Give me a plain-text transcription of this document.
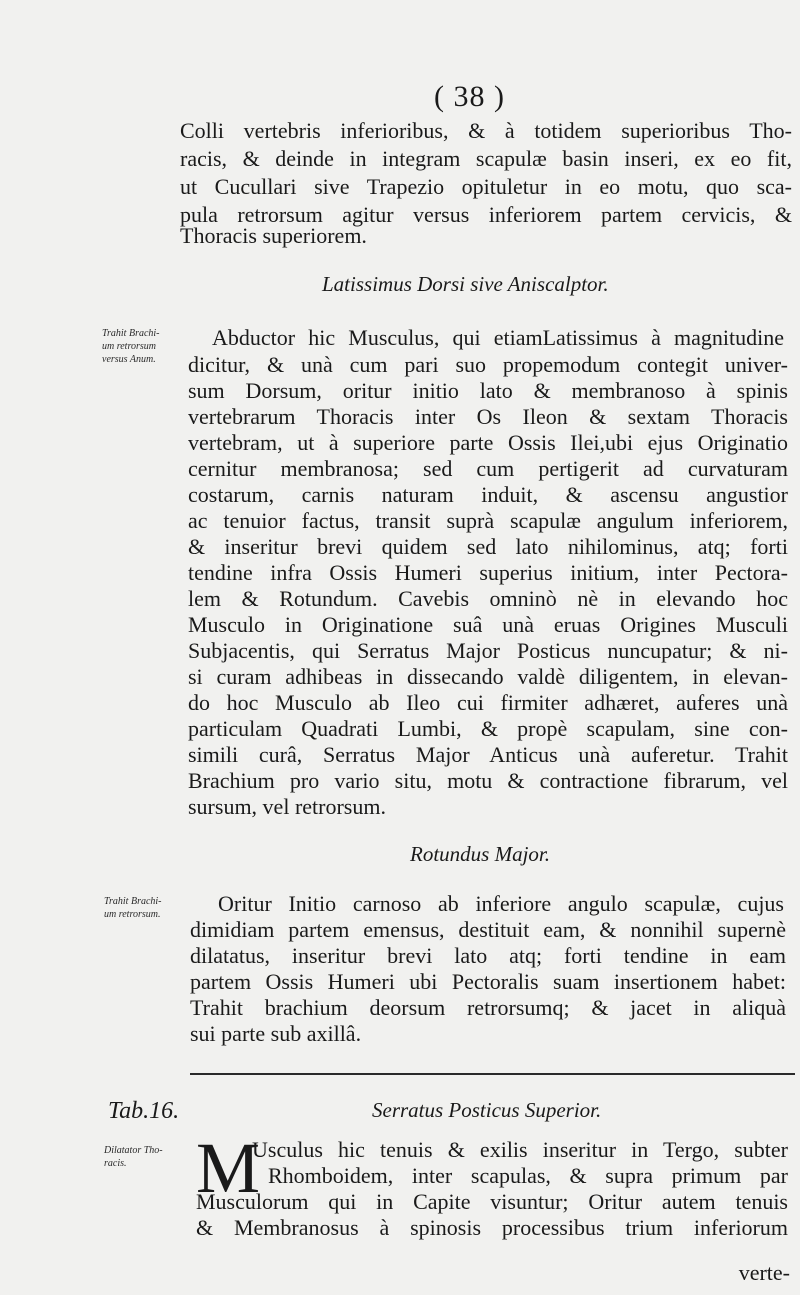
( 38 )
Colli vertebris inferioribus, & à totidem superioribus Tho-
racis, & deinde in integram scapulæ basin inseri, ex eo fit,
ut Cucullari sive Trapezio opituletur in eo motu, quo sca-
pula retrorsum agitur versus inferiorem partem cervicis, &
Thoracis superiorem.
Latissimus Dorsi sive Aniscalptor.
Trahit Brachi-
um retrorsum
versus Anum.
Abductor hic Musculus, qui etiamLatissimus à magnitudine
dicitur, & unà cum pari suo propemodum contegit univer-
sum Dorsum, oritur initio lato & membranoso à spinis
vertebrarum Thoracis inter Os Ileon & sextam Thoracis
vertebram, ut à superiore parte Ossis Ilei,ubi ejus Originatio
cernitur membranosa; sed cum pertigerit ad curvaturam
costarum, carnis naturam induit, & ascensu angustior
ac tenuior factus, transit suprà scapulæ angulum inferiorem,
& inseritur brevi quidem sed lato nihilominus, atq; forti
tendine infra Ossis Humeri superius initium, inter Pectora-
lem & Rotundum. Cavebis omninò nè in elevando hoc
Musculo in Originatione suâ unà eruas Origines Musculi
Subjacentis, qui Serratus Major Posticus nuncupatur; & ni-
si curam adhibeas in dissecando valdè diligentem, in elevan-
do hoc Musculo ab Ileo cui firmiter adhæret, auferes unà
particulam Quadrati Lumbi, & propè scapulam, sine con-
simili curâ, Serratus Major Anticus unà auferetur. Trahit
Brachium pro vario situ, motu & contractione fibrarum, vel
sursum, vel retrorsum.
Rotundus Major.
Trahit Brachi-
um retrorsum.	Oritur Initio carnoso ab inferiore angulo scapulæ, cujus
dimidiam partem emensus, destituit eam, & nonnihil supernè
dilatatus, inseritur brevi lato atq; forti tendine in eam
partem Ossis Humeri ubi Pectoralis suam insertionem habet:
Trahit brachium deorsum retrorsumq; & jacet in aliquà
sui parte sub axillâ.
Tab.16.	Serratus Posticus Superior.
Dilatator Tho-
racis. M
Usculus hic tenuis & exilis inseritur in Tergo, subter
Rhomboidem, inter scapulas, & supra primum par
Musculorum qui in Capite visuntur; Oritur autem tenuis
& Membranosus à spinosis processibus trium inferiorum
verte-
